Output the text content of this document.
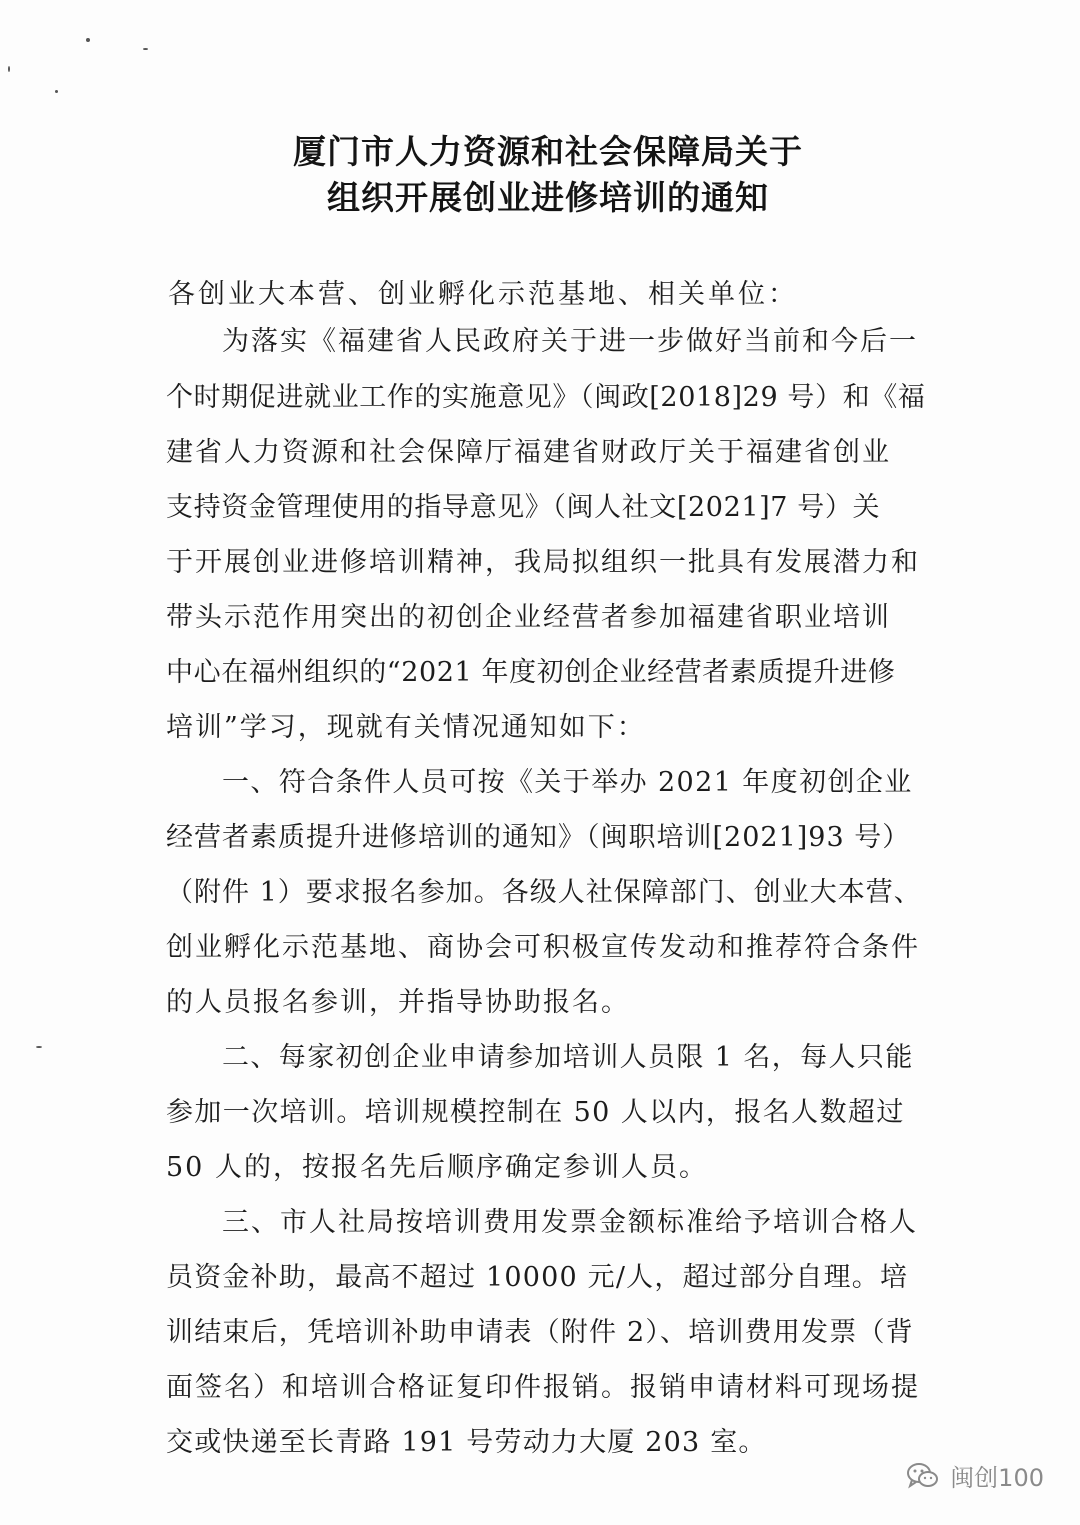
厦门市人力资源和社会保障局关于
组织开展创业进修培训的通知
各创业大本营、创业孵化示范基地、相关单位：
为落实《福建省人民政府关于进一步做好当前和今后一
个时期促进就业工作的实施意见》（闽政[2018]29 号）和《福
建省人力资源和社会保障厅福建省财政厅关于福建省创业
支持资金管理使用的指导意见》（闽人社文[2021]7 号）关
于开展创业进修培训精神，我局拟组织一批具有发展潜力和
带头示范作用突出的初创企业经营者参加福建省职业培训
中心在福州组织的“2021 年度初创企业经营者素质提升进修
培训”学习，现就有关情况通知如下：
一、符合条件人员可按《关于举办 2021 年度初创企业
经营者素质提升进修培训的通知》（闽职培训[2021]93 号）
（附件 1）要求报名参加。各级人社保障部门、创业大本营、
创业孵化示范基地、商协会可积极宣传发动和推荐符合条件
的人员报名参训，并指导协助报名。
二、每家初创企业申请参加培训人员限 1 名，每人只能
参加一次培训。培训规模控制在 50 人以内，报名人数超过
50 人的，按报名先后顺序确定参训人员。
三、市人社局按培训费用发票金额标准给予培训合格人
员资金补助，最高不超过 10000 元/人，超过部分自理。培
训结束后，凭培训补助申请表（附件 2）、培训费用发票（背
面签名）和培训合格证复印件报销。报销申请材料可现场提
交或快递至长青路 191 号劳动力大厦 203 室。
闽创100
